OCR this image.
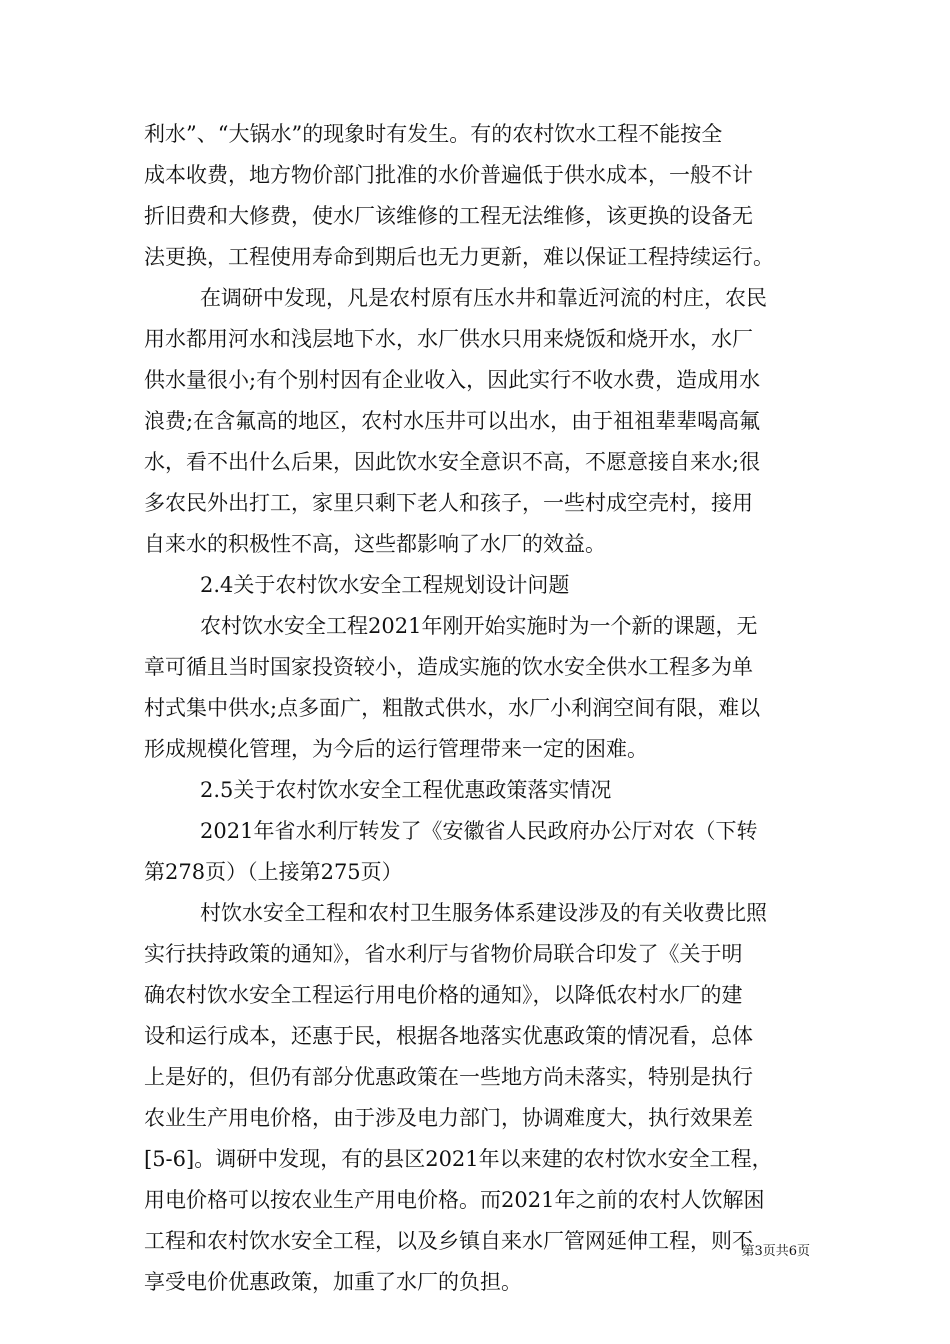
利水”、“大锅水”的现象时有发生。有的农村饮水工程不能按全
成本收费，地方物价部门批准的水价普遍低于供水成本，一般不计
折旧费和大修费，使水厂该维修的工程无法维修，该更换的设备无
法更换，工程使用寿命到期后也无力更新，难以保证工程持续运行。
在调研中发现，凡是农村原有压水井和靠近河流的村庄，农民
用水都用河水和浅层地下水，水厂供水只用来烧饭和烧开水，水厂
供水量很小;有个别村因有企业收入，因此实行不收水费，造成用水
浪费;在含氟高的地区，农村水压井可以出水，由于祖祖辈辈喝高氟
水，看不出什么后果，因此饮水安全意识不高，不愿意接自来水;很
多农民外出打工，家里只剩下老人和孩子，一些村成空壳村，接用
自来水的积极性不高，这些都影响了水厂的效益。
2.4关于农村饮水安全工程规划设计问题
农村饮水安全工程2021年刚开始实施时为一个新的课题，无
章可循且当时国家投资较小，造成实施的饮水安全供水工程多为单
村式集中供水;点多面广，粗散式供水，水厂小利润空间有限，难以
形成规模化管理，为今后的运行管理带来一定的困难。
2.5关于农村饮水安全工程优惠政策落实情况
2021年省水利厅转发了《安徽省人民政府办公厅对农（下转
第278页）（上接第275页）
村饮水安全工程和农村卫生服务体系建设涉及的有关收费比照
实行扶持政策的通知》，省水利厅与省物价局联合印发了《关于明
确农村饮水安全工程运行用电价格的通知》，以降低农村水厂的建
设和运行成本，还惠于民，根据各地落实优惠政策的情况看，总体
上是好的，但仍有部分优惠政策在一些地方尚未落实，特别是执行
农业生产用电价格，由于涉及电力部门，协调难度大，执行效果差
[5-6]。调研中发现，有的县区2021年以来建的农村饮水安全工程，
用电价格可以按农业生产用电价格。而2021年之前的农村人饮解困
工程和农村饮水安全工程，以及乡镇自来水厂管网延伸工程，则不
享受电价优惠政策，加重了水厂的负担。
第3页共6页
